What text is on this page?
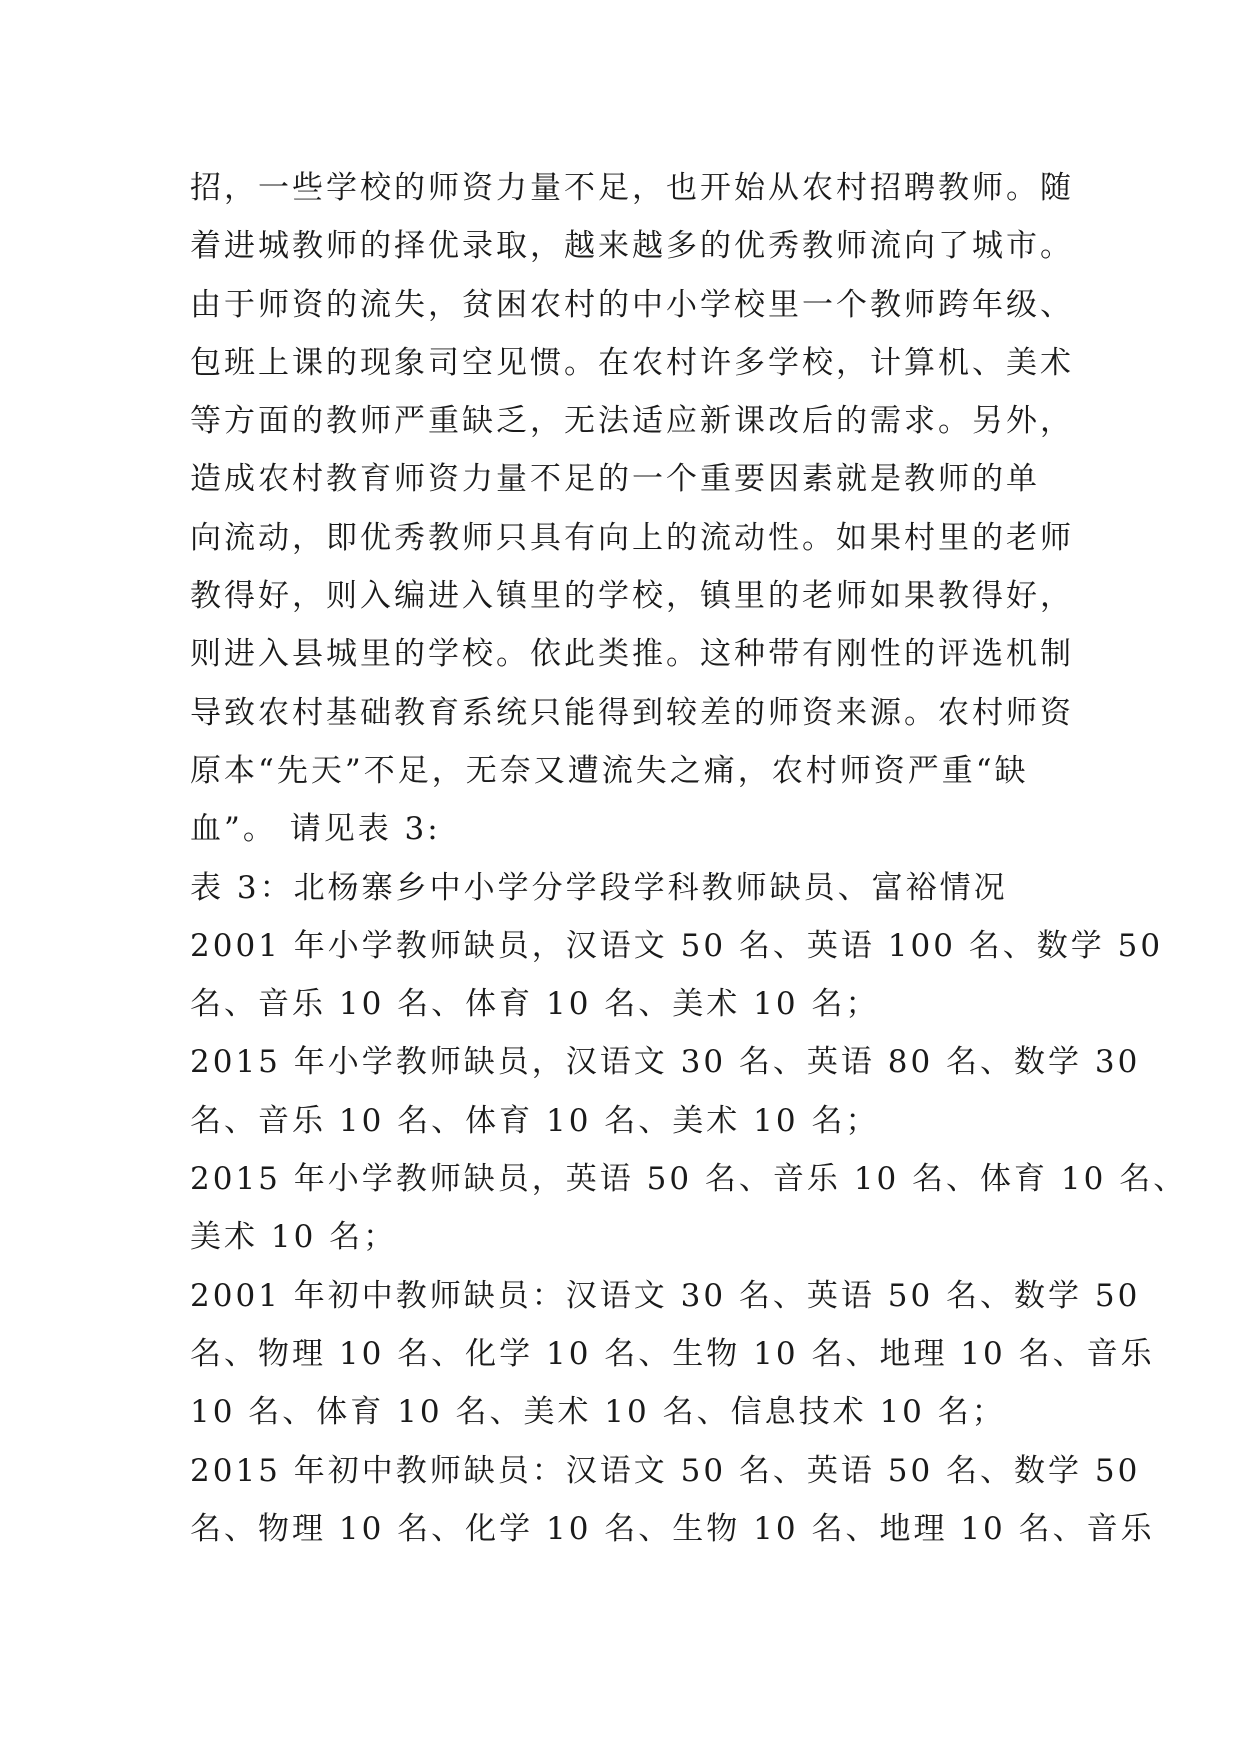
招，一些学校的师资力量不足，也开始从农村招聘教师。随
着进城教师的择优录取，越来越多的优秀教师流向了城市。
由于师资的流失，贫困农村的中小学校里一个教师跨年级、
包班上课的现象司空见惯。在农村许多学校，计算机、美术
等方面的教师严重缺乏，无法适应新课改后的需求。另外，
造成农村教育师资力量不足的一个重要因素就是教师的单
向流动，即优秀教师只具有向上的流动性。如果村里的老师
教得好，则入编进入镇里的学校，镇里的老师如果教得好，
则进入县城里的学校。依此类推。这种带有刚性的评选机制
导致农村基础教育系统只能得到较差的师资来源。农村师资
原本“先天”不足，无奈又遭流失之痛，农村师资严重“缺
血”。 请见表 3:
表 3：北杨寨乡中小学分学段学科教师缺员、富裕情况
2001 年小学教师缺员，汉语文 50 名、英语 100 名、数学 50
名、音乐 10 名、体育 10 名、美术 10 名；
2015 年小学教师缺员，汉语文 30 名、英语 80 名、数学 30
名、音乐 10 名、体育 10 名、美术 10 名；
2015 年小学教师缺员，英语 50 名、音乐 10 名、体育 10 名、
美术 10 名；
2001 年初中教师缺员：汉语文 30 名、英语 50 名、数学 50
名、物理 10 名、化学 10 名、生物 10 名、地理 10 名、音乐
10 名、体育 10 名、美术 10 名、信息技术 10 名；
2015 年初中教师缺员：汉语文 50 名、英语 50 名、数学 50
名、物理 10 名、化学 10 名、生物 10 名、地理 10 名、音乐
